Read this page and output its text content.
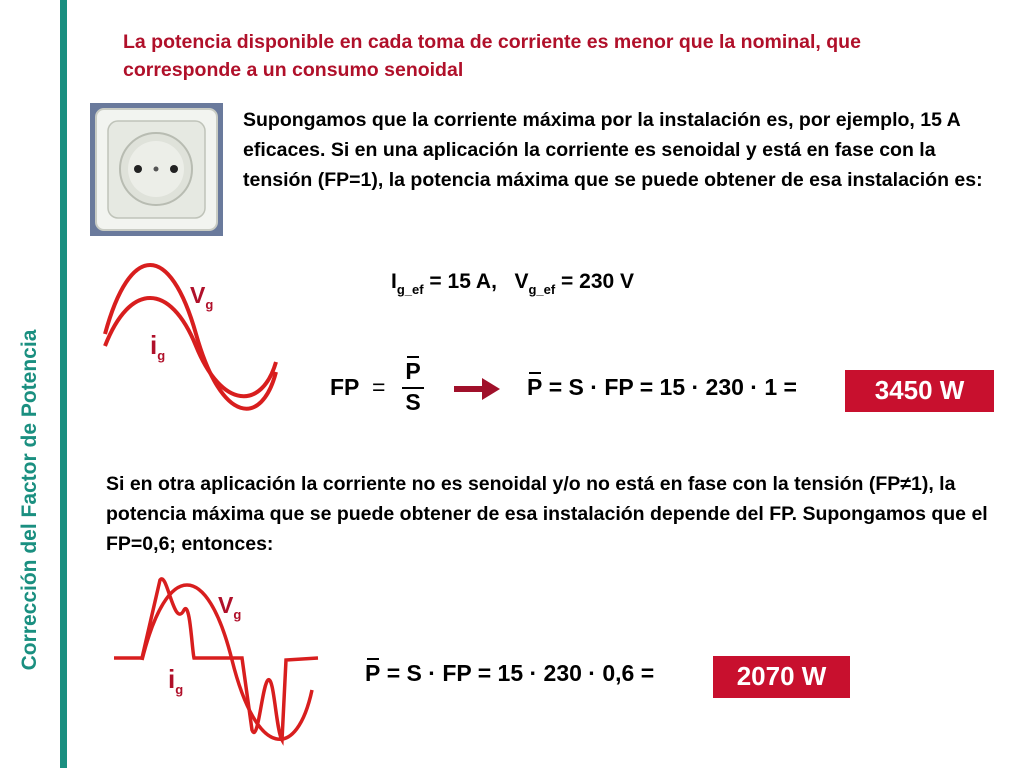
Corrección del Factor de Potencia
La potencia disponible en cada toma de corriente es menor que la nominal, que corresponde a un consumo senoidal
Supongamos que la corriente máxima por la instalación es, por ejemplo, 15 A eficaces. Si en una aplicación la corriente es senoidal y está en fase con la tensión (FP=1), la potencia máxima que se puede obtener de esa instalación es:
$I_{g\_ef} = 15$ A, $V_{g\_ef} = 230$ V
$V_g$
$i_g$
FP =
P
S
P = S · FP = 15 · 230 · 1 =	3450 W
Si en otra aplicación la corriente no es senoidal y/o no está en fase con la tensión (FP≠1), la potencia máxima que se puede obtener de esa instalación depende del FP. Supongamos que el FP=0,6; entonces:
$V_g$
$i_g$
P = S · FP = 15 · 230 · 0,6 =	2070 W
